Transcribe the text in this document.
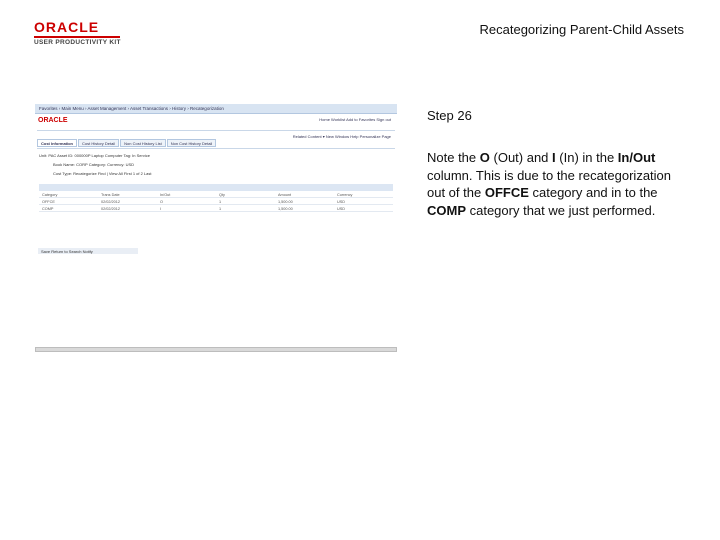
ORACLE
USER PRODUCTIVITY KIT
Recategorizing Parent-Child Assets
Favorites › Main Menu › Asset Management › Asset Transactions › History › Recategorization
ORACLE	Home Worklist Add to Favorites Sign out
Related Content ▾ New Window Help Personalize Page
Cost Information	Cost History Detail	Non Cost History List	Non Cost History Detail
Unit: PAC Asset ID: 000000P Laptop Computer Tag: In Service
Book Name: CORP Category: Currency: USD
Cost Type: Recategorize Find | View All First 1 of 2 Last
Category	Trans Date	In/Out	Qty	Amount	Currency
OFFCE	02/02/2012	O	1	1,500.00	USD
COMP	02/02/2012	I	1	1,500.00	USD
Save Return to Search Notify
Step 26
Note the O (Out) and I (In) in the In/Out column. This is due to the recategorization out of the OFFCE category and in to the COMP category that we just performed.
